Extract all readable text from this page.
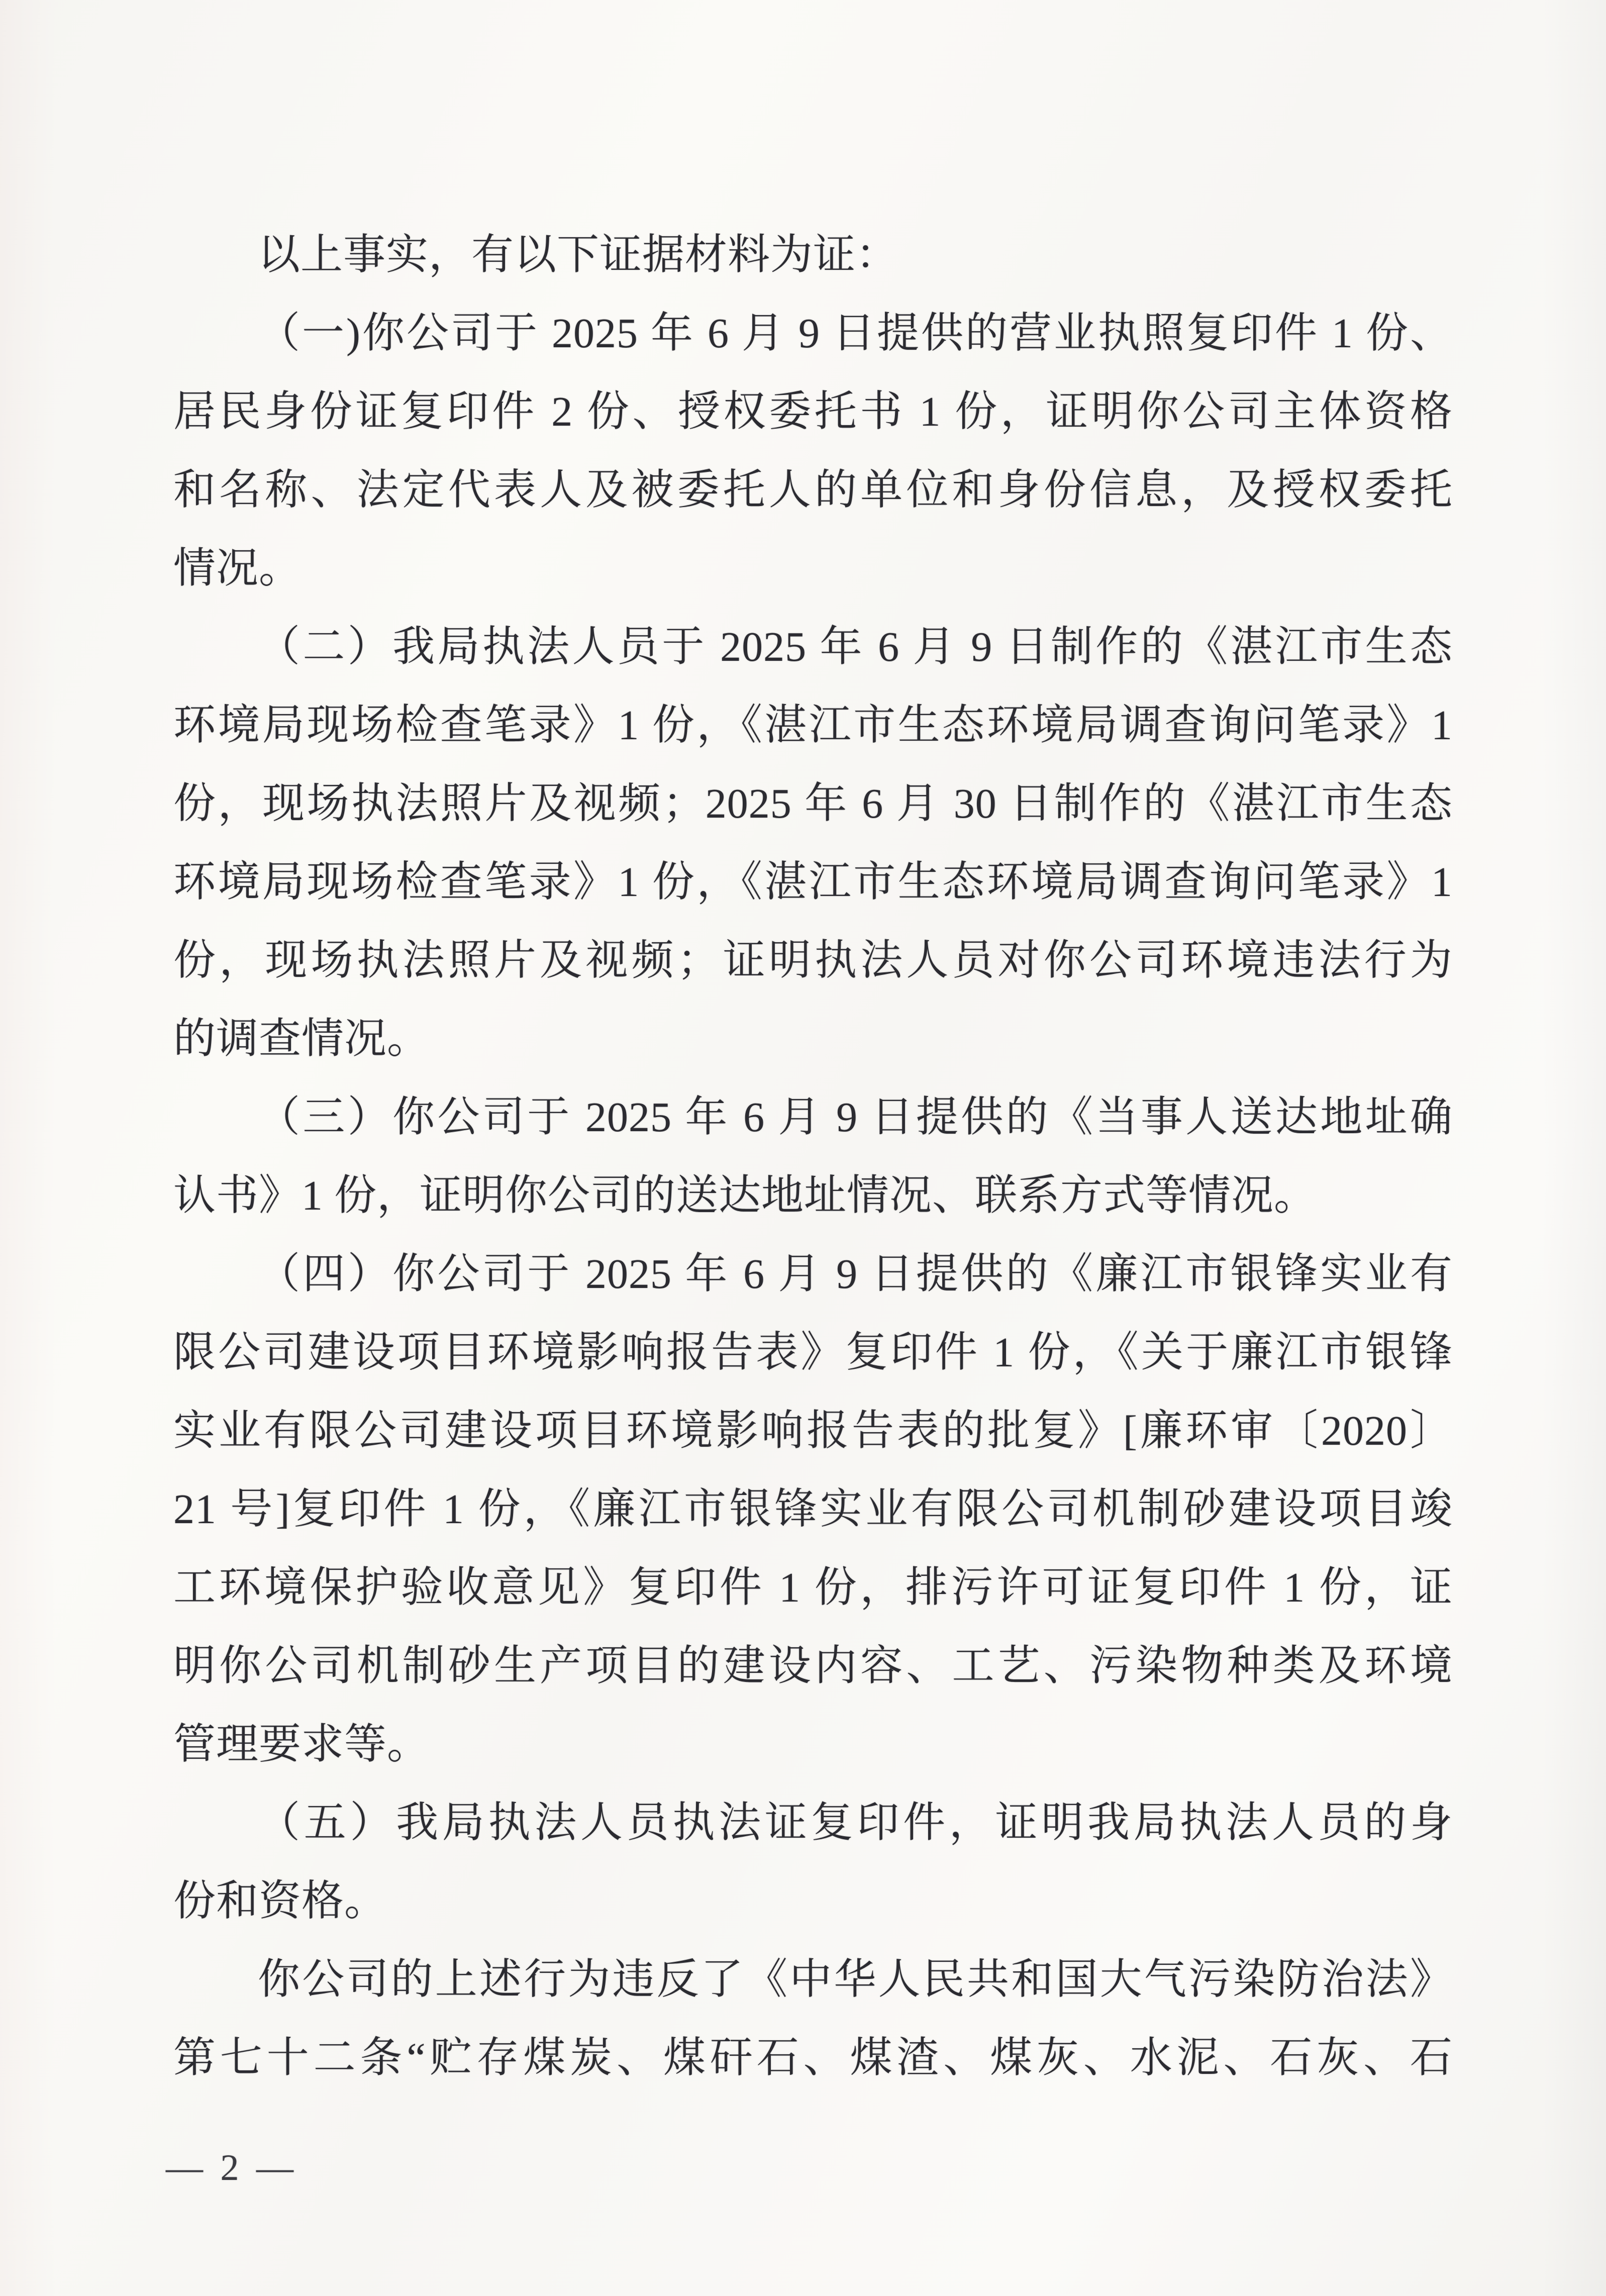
以上事实，有以下证据材料为证：

（一)你公司于 2025 年 6 月 9 日提供的营业执照复印件 1 份、

居民身份证复印件 2 份、授权委托书 1 份，证明你公司主体资格

和名称、法定代表人及被委托人的单位和身份信息，及授权委托

情况。

（二）我局执法人员于 2025 年 6 月 9 日制作的《湛江市生态

环境局现场检查笔录》1 份，《湛江市生态环境局调查询问笔录》1

份，现场执法照片及视频；2025 年 6 月 30 日制作的《湛江市生态

环境局现场检查笔录》1 份，《湛江市生态环境局调查询问笔录》1

份，现场执法照片及视频；证明执法人员对你公司环境违法行为

的调查情况。

（三）你公司于 2025 年 6 月 9 日提供的《当事人送达地址确

认书》1 份，证明你公司的送达地址情况、联系方式等情况。

（四）你公司于 2025 年 6 月 9 日提供的《廉江市银锋实业有

限公司建设项目环境影响报告表》复印件 1 份，《关于廉江市银锋

实业有限公司建设项目环境影响报告表的批复》[廉环审〔2020〕

21 号]复印件 1 份，《廉江市银锋实业有限公司机制砂建设项目竣

工环境保护验收意见》复印件 1 份，排污许可证复印件 1 份，证

明你公司机制砂生产项目的建设内容、工艺、污染物种类及环境

管理要求等。

（五）我局执法人员执法证复印件，证明我局执法人员的身

份和资格。

你公司的上述行为违反了《中华人民共和国大气污染防治法》

第七十二条“贮存煤炭、煤矸石、煤渣、煤灰、水泥、石灰、石

— 2 —
